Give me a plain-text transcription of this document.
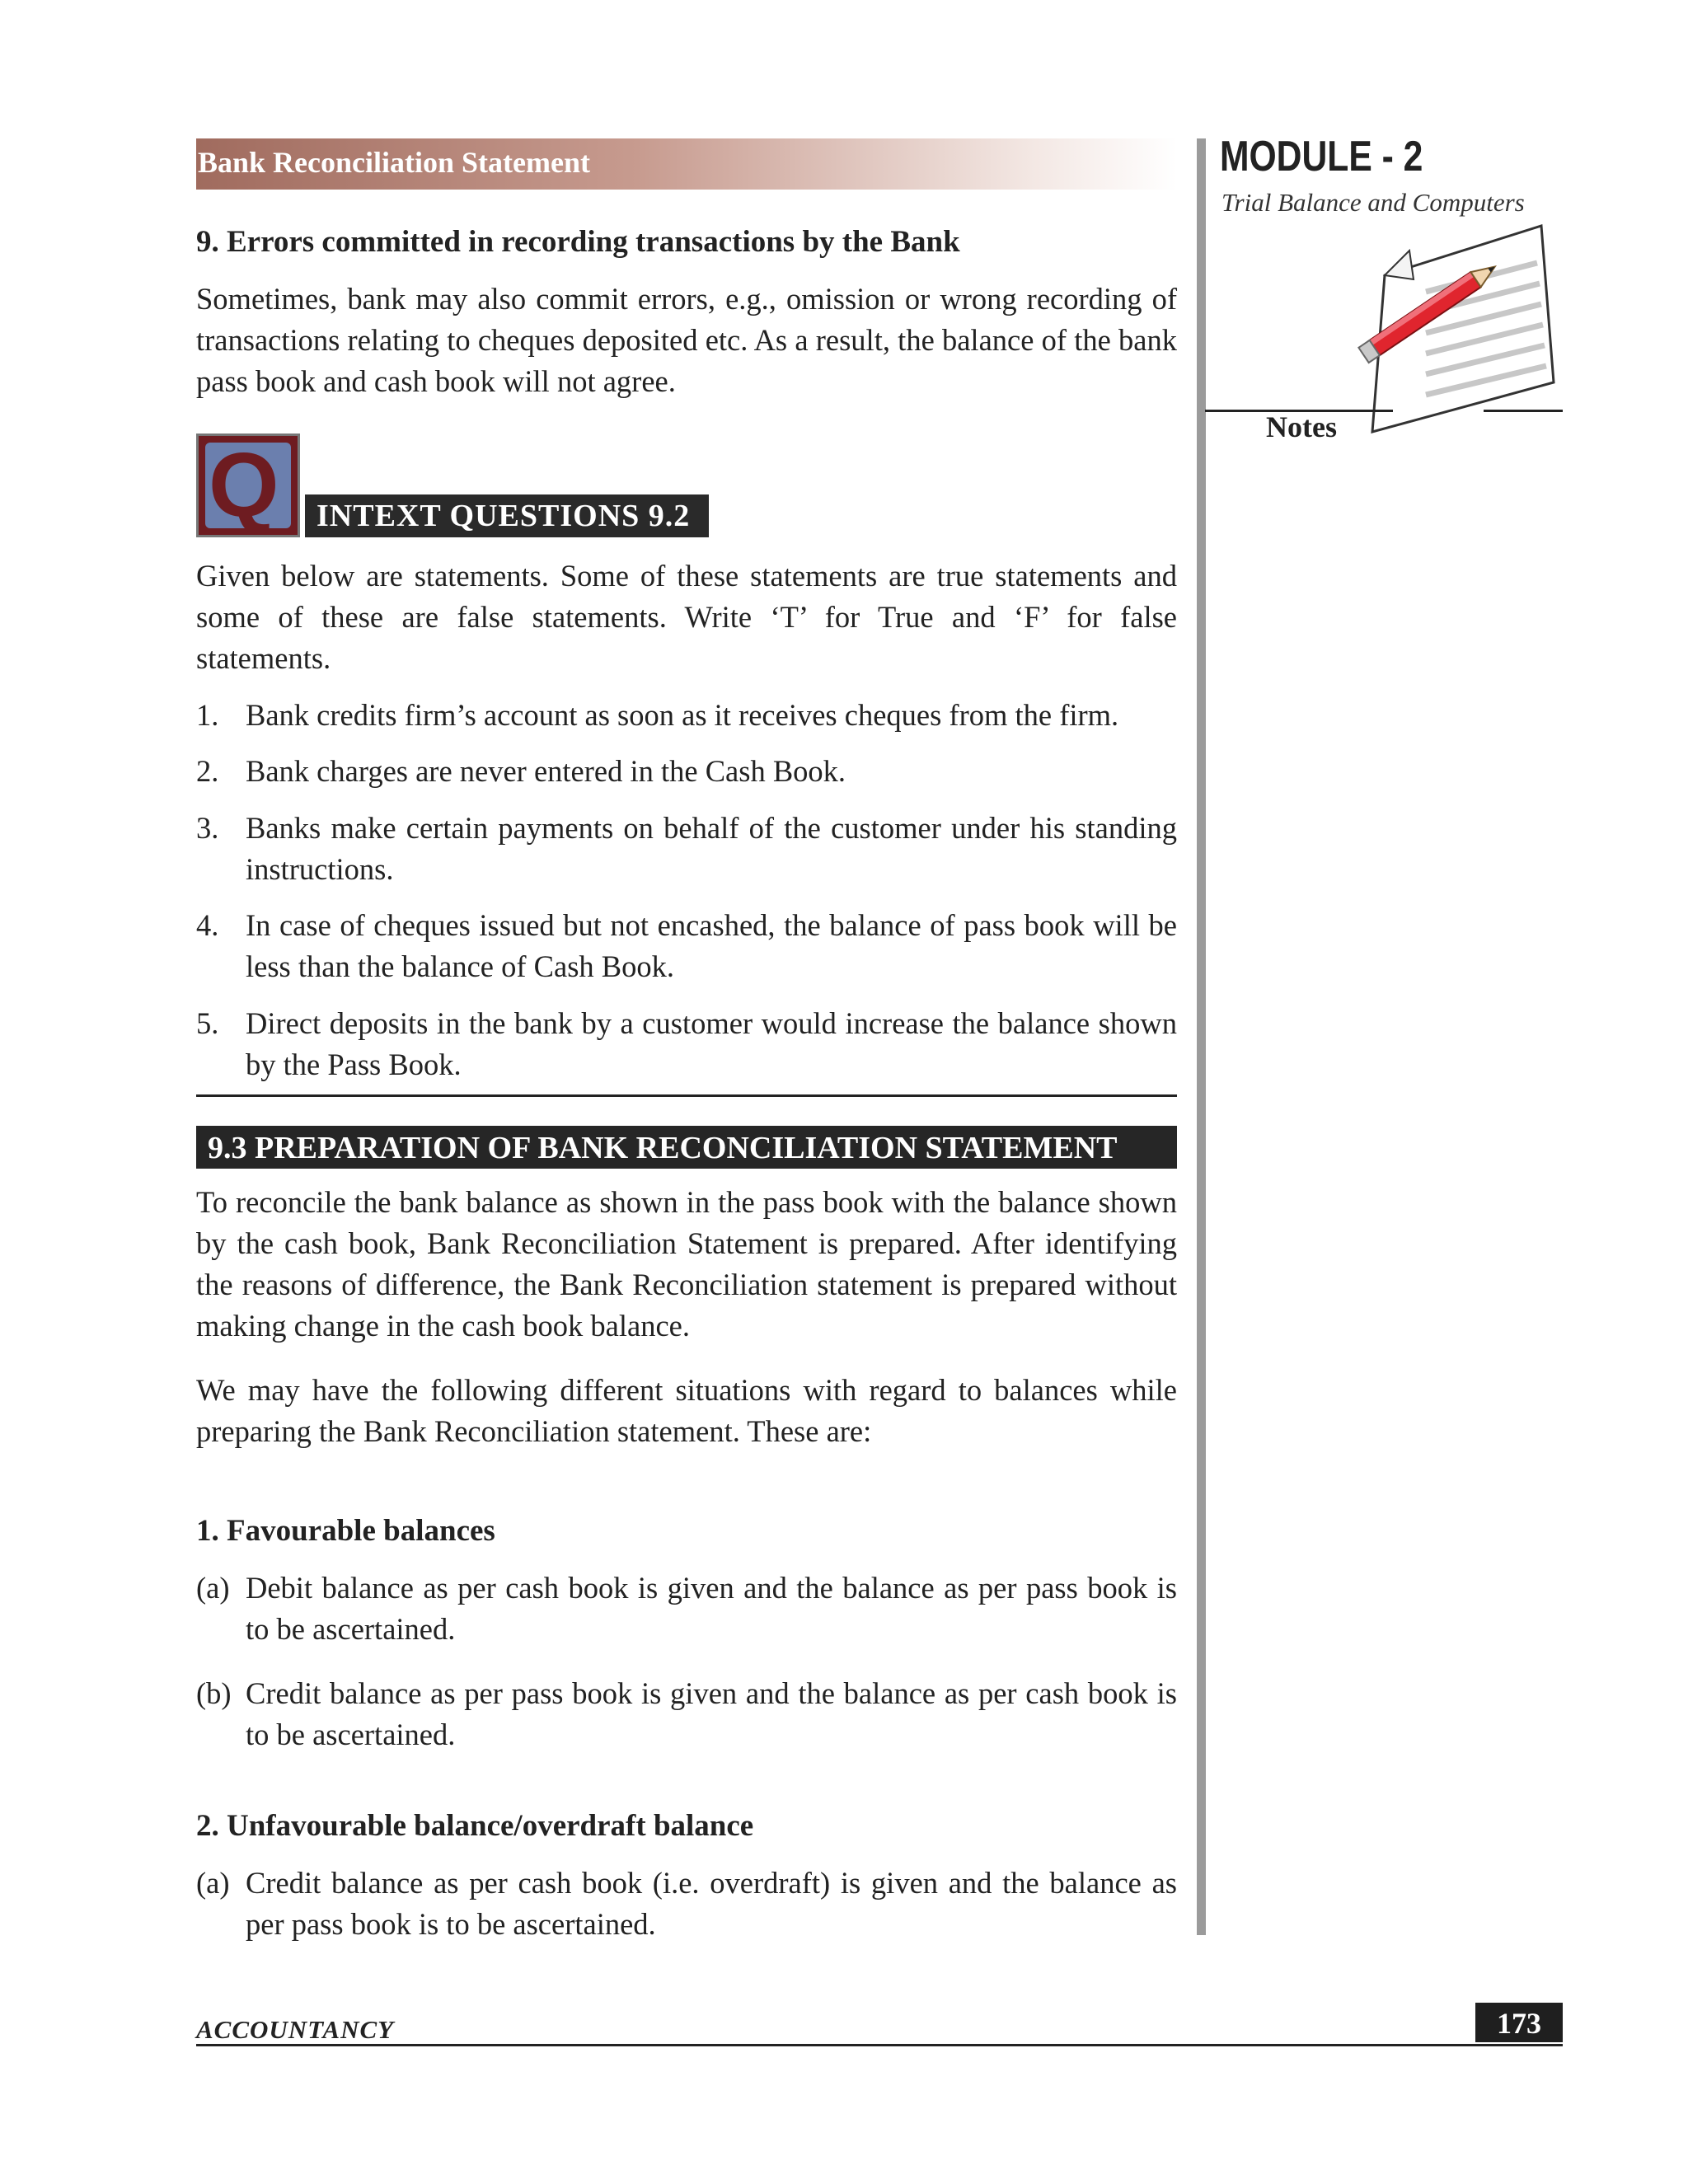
Bank Reconciliation Statement	MODULE - 2
Trial Balance and Computers
Notes
9. Errors committed in recording transactions by the Bank
Sometimes, bank may also commit errors, e.g., omission or wrong recording of transactions relating to cheques deposited etc. As a result, the balance of the bank pass book and cash book will not agree.
Q INTEXT QUESTIONS 9.2
Given below are statements. Some of these statements are true statements and some of these are false statements. Write ‘T’ for True and ‘F’ for false statements.
1. Bank credits firm’s account as soon as it receives cheques from the firm.
2. Bank charges are never entered in the Cash Book.
3. Banks make certain payments on behalf of the customer under his standing instructions.
4. In case of cheques issued but not encashed, the balance of pass book will be less than the balance of Cash Book.
5. Direct deposits in the bank by a customer would increase the balance shown by the Pass Book.
9.3 PREPARATION OF BANK RECONCILIATION STATEMENT
To reconcile the bank balance as shown in the pass book with the balance shown by the cash book, Bank Reconciliation Statement is prepared. After identifying the reasons of difference, the Bank Reconciliation statement is prepared without making change in the cash book balance.
We may have the following different situations with regard to balances while preparing the Bank Reconciliation statement. These are:
1. Favourable balances
(a) Debit balance as per cash book is given and the balance as per pass book is to be ascertained.
(b) Credit balance as per pass book is given and the balance as per cash book is to be ascertained.
2. Unfavourable balance/overdraft balance
(a) Credit balance as per cash book (i.e. overdraft) is given and the balance as per pass book is to be ascertained.
ACCOUNTANCY	173
